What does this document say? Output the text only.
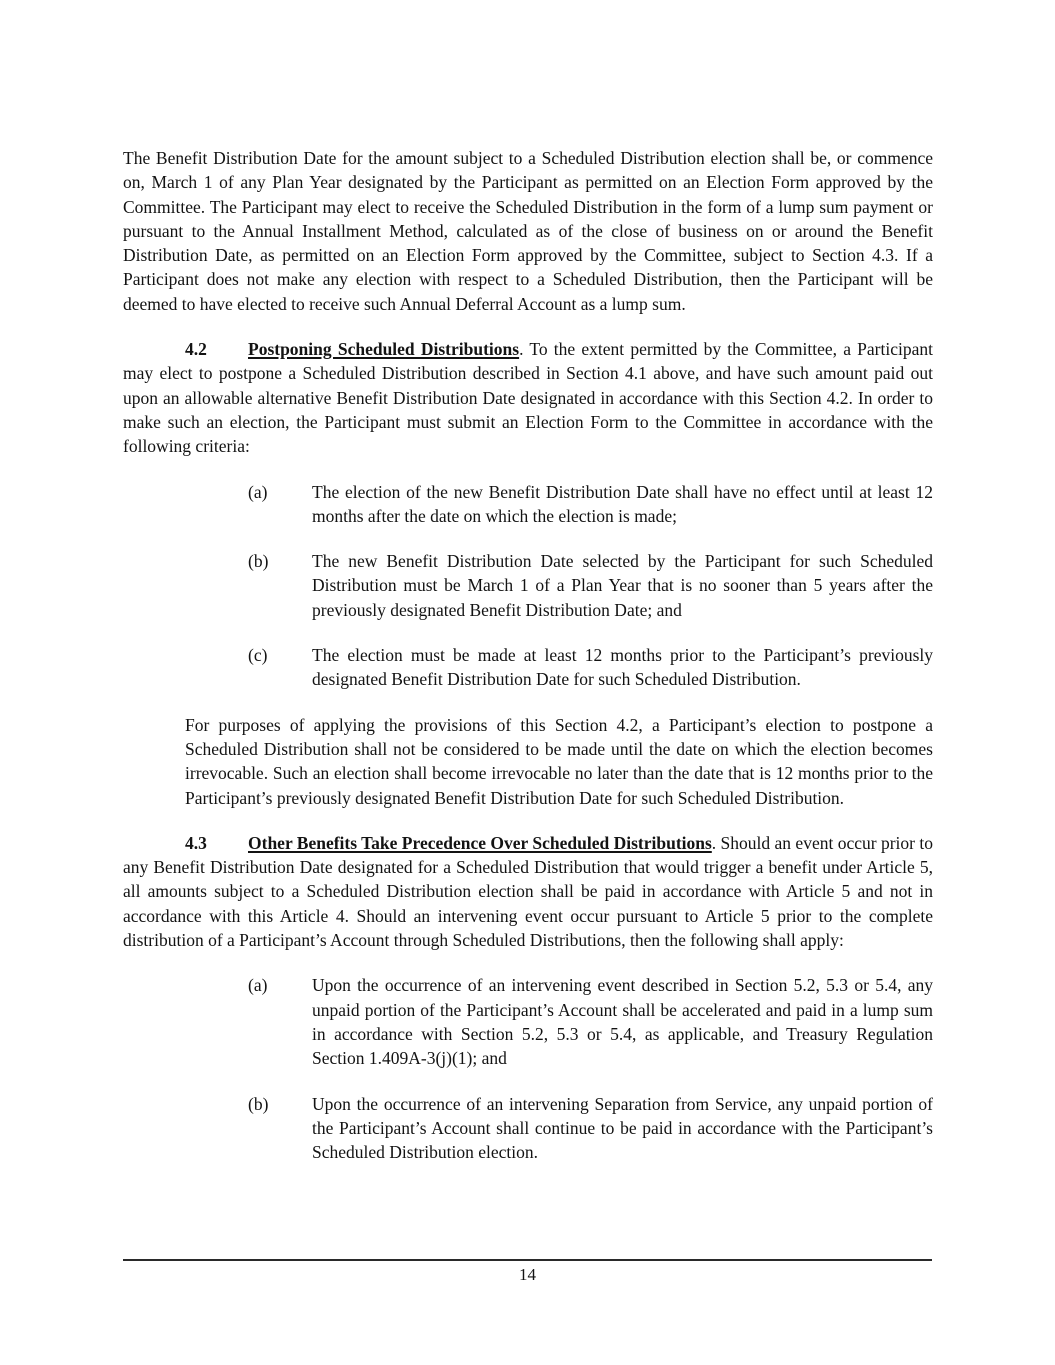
The Benefit Distribution Date for the amount subject to a Scheduled Distribution election shall be, or commence on, March 1 of any Plan Year designated by the Participant as permitted on an Election Form approved by the Committee. The Participant may elect to receive the Scheduled Distribution in the form of a lump sum payment or pursuant to the Annual Installment Method, calculated as of the close of business on or around the Benefit Distribution Date, as permitted on an Election Form approved by the Committee, subject to Section 4.3. If a Participant does not make any election with respect to a Scheduled Distribution, then the Participant will be deemed to have elected to receive such Annual Deferral Account as a lump sum.

4.2 Postponing Scheduled Distributions. To the extent permitted by the Committee, a Participant may elect to postpone a Scheduled Distribution described in Section 4.1 above, and have such amount paid out upon an allowable alternative Benefit Distribution Date designated in accordance with this Section 4.2. In order to make such an election, the Participant must submit an Election Form to the Committee in accordance with the following criteria:

(a)	The election of the new Benefit Distribution Date shall have no effect until at least 12 months after the date on which the election is made;
(b) The new Benefit Distribution Date selected by the Participant for such Scheduled Distribution must be March 1 of a Plan Year that is no sooner than 5 years after the previously designated Benefit Distribution Date; and
(c)	The election must be made at least 12 months prior to the Participant’s previously designated Benefit Distribution Date for such Scheduled Distribution.

For purposes of applying the provisions of this Section 4.2, a Participant’s election to postpone a Scheduled Distribution shall not be considered to be made until the date on which the election becomes irrevocable. Such an election shall become irrevocable no later than the date that is 12 months prior to the Participant’s previously designated Benefit Distribution Date for such Scheduled Distribution.

4.3 Other Benefits Take Precedence Over Scheduled Distributions. Should an event occur prior to any Benefit Distribution Date designated for a Scheduled Distribution that would trigger a benefit under Article 5, all amounts subject to a Scheduled Distribution election shall be paid in accordance with Article 5 and not in accordance with this Article 4. Should an intervening event occur pursuant to Article 5 prior to the complete distribution of a Participant’s Account through Scheduled Distributions, then the following shall apply:

(a)	Upon the occurrence of an intervening event described in Section 5.2, 5.3 or 5.4, any unpaid portion of the Participant’s Account shall be accelerated and paid in a lump sum in accordance with Section 5.2, 5.3 or 5.4, as applicable, and Treasury Regulation Section 1.409A-3(j)(1); and
(b) Upon the occurrence of an intervening Separation from Service, any unpaid portion of the Participant’s Account shall continue to be paid in accordance with the Participant’s Scheduled Distribution election.
14
